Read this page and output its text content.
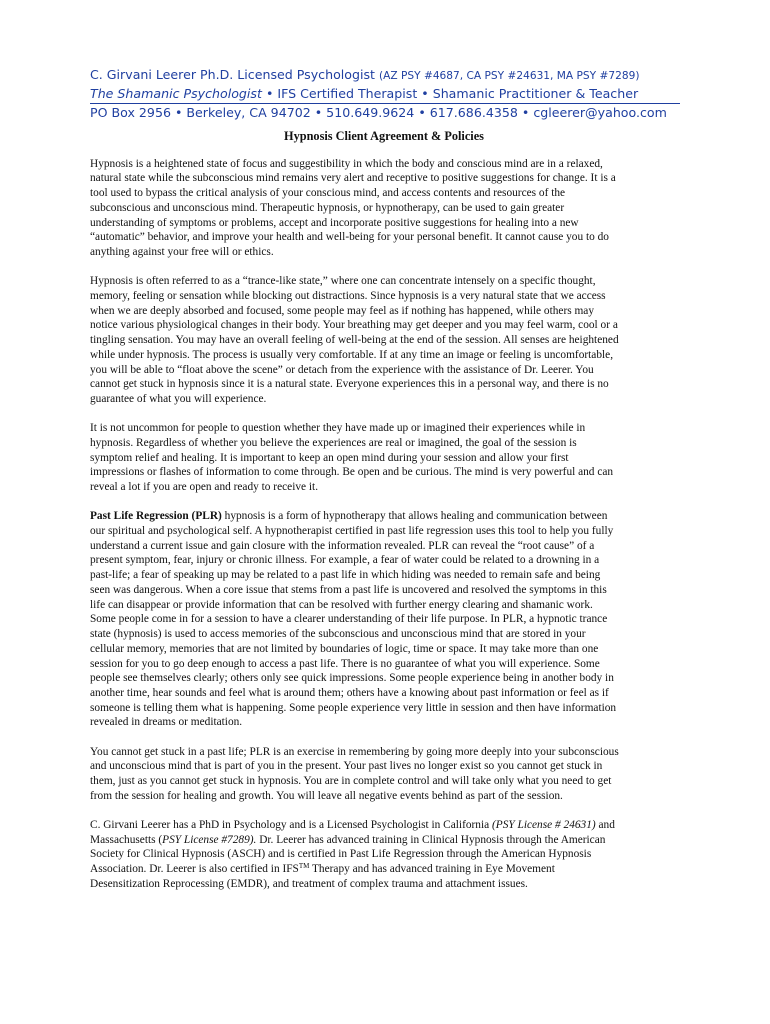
C. Girvani Leerer Ph.D. Licensed Psychologist (AZ PSY #4687, CA PSY #24631, MA PSY #7289)
The Shamanic Psychologist • IFS Certified Therapist • Shamanic Practitioner & Teacher
PO Box 2956 • Berkeley, CA 94702 • 510.649.9624 • 617.686.4358 • cgleerer@yahoo.com
Hypnosis Client Agreement & Policies
Hypnosis is a heightened state of focus and suggestibility in which the body and conscious mind are in a relaxed,
natural state while the subconscious mind remains very alert and receptive to positive suggestions for change. It is a
tool used to bypass the critical analysis of your conscious mind, and access contents and resources of the
subconscious and unconscious mind. Therapeutic hypnosis, or hypnotherapy, can be used to gain greater
understanding of symptoms or problems, accept and incorporate positive suggestions for healing into a new
“automatic” behavior, and improve your health and well-being for your personal benefit. It cannot cause you to do
anything against your free will or ethics.
Hypnosis is often referred to as a “trance-like state,” where one can concentrate intensely on a specific thought,
memory, feeling or sensation while blocking out distractions. Since hypnosis is a very natural state that we access
when we are deeply absorbed and focused, some people may feel as if nothing has happened, while others may
notice various physiological changes in their body. Your breathing may get deeper and you may feel warm, cool or a
tingling sensation. You may have an overall feeling of well-being at the end of the session. All senses are heightened
while under hypnosis. The process is usually very comfortable. If at any time an image or feeling is uncomfortable,
you will be able to “float above the scene” or detach from the experience with the assistance of Dr. Leerer. You
cannot get stuck in hypnosis since it is a natural state. Everyone experiences this in a personal way, and there is no
guarantee of what you will experience.
It is not uncommon for people to question whether they have made up or imagined their experiences while in
hypnosis. Regardless of whether you believe the experiences are real or imagined, the goal of the session is
symptom relief and healing. It is important to keep an open mind during your session and allow your first
impressions or flashes of information to come through. Be open and be curious. The mind is very powerful and can
reveal a lot if you are open and ready to receive it.
Past Life Regression (PLR) hypnosis is a form of hypnotherapy that allows healing and communication between
our spiritual and psychological self. A hypnotherapist certified in past life regression uses this tool to help you fully
understand a current issue and gain closure with the information revealed. PLR can reveal the “root cause” of a
present symptom, fear, injury or chronic illness. For example, a fear of water could be related to a drowning in a
past-life; a fear of speaking up may be related to a past life in which hiding was needed to remain safe and being
seen was dangerous. When a core issue that stems from a past life is uncovered and resolved the symptoms in this
life can disappear or provide information that can be resolved with further energy clearing and shamanic work.
Some people come in for a session to have a clearer understanding of their life purpose. In PLR, a hypnotic trance
state (hypnosis) is used to access memories of the subconscious and unconscious mind that are stored in your
cellular memory, memories that are not limited by boundaries of logic, time or space. It may take more than one
session for you to go deep enough to access a past life. There is no guarantee of what you will experience. Some
people see themselves clearly; others only see quick impressions. Some people experience being in another body in
another time, hear sounds and feel what is around them; others have a knowing about past information or feel as if
someone is telling them what is happening. Some people experience very little in session and then have information
revealed in dreams or meditation.
You cannot get stuck in a past life; PLR is an exercise in remembering by going more deeply into your subconscious
and unconscious mind that is part of you in the present. Your past lives no longer exist so you cannot get stuck in
them, just as you cannot get stuck in hypnosis. You are in complete control and will take only what you need to get
from the session for healing and growth. You will leave all negative events behind as part of the session.
C. Girvani Leerer has a PhD in Psychology and is a Licensed Psychologist in California (PSY License # 24631) and
Massachusetts (PSY License #7289). Dr. Leerer has advanced training in Clinical Hypnosis through the American
Society for Clinical Hypnosis (ASCH) and is certified in Past Life Regression through the American Hypnosis
Association. Dr. Leerer is also certified in IFS™ Therapy and has advanced training in Eye Movement
Desensitization Reprocessing (EMDR), and treatment of complex trauma and attachment issues.
